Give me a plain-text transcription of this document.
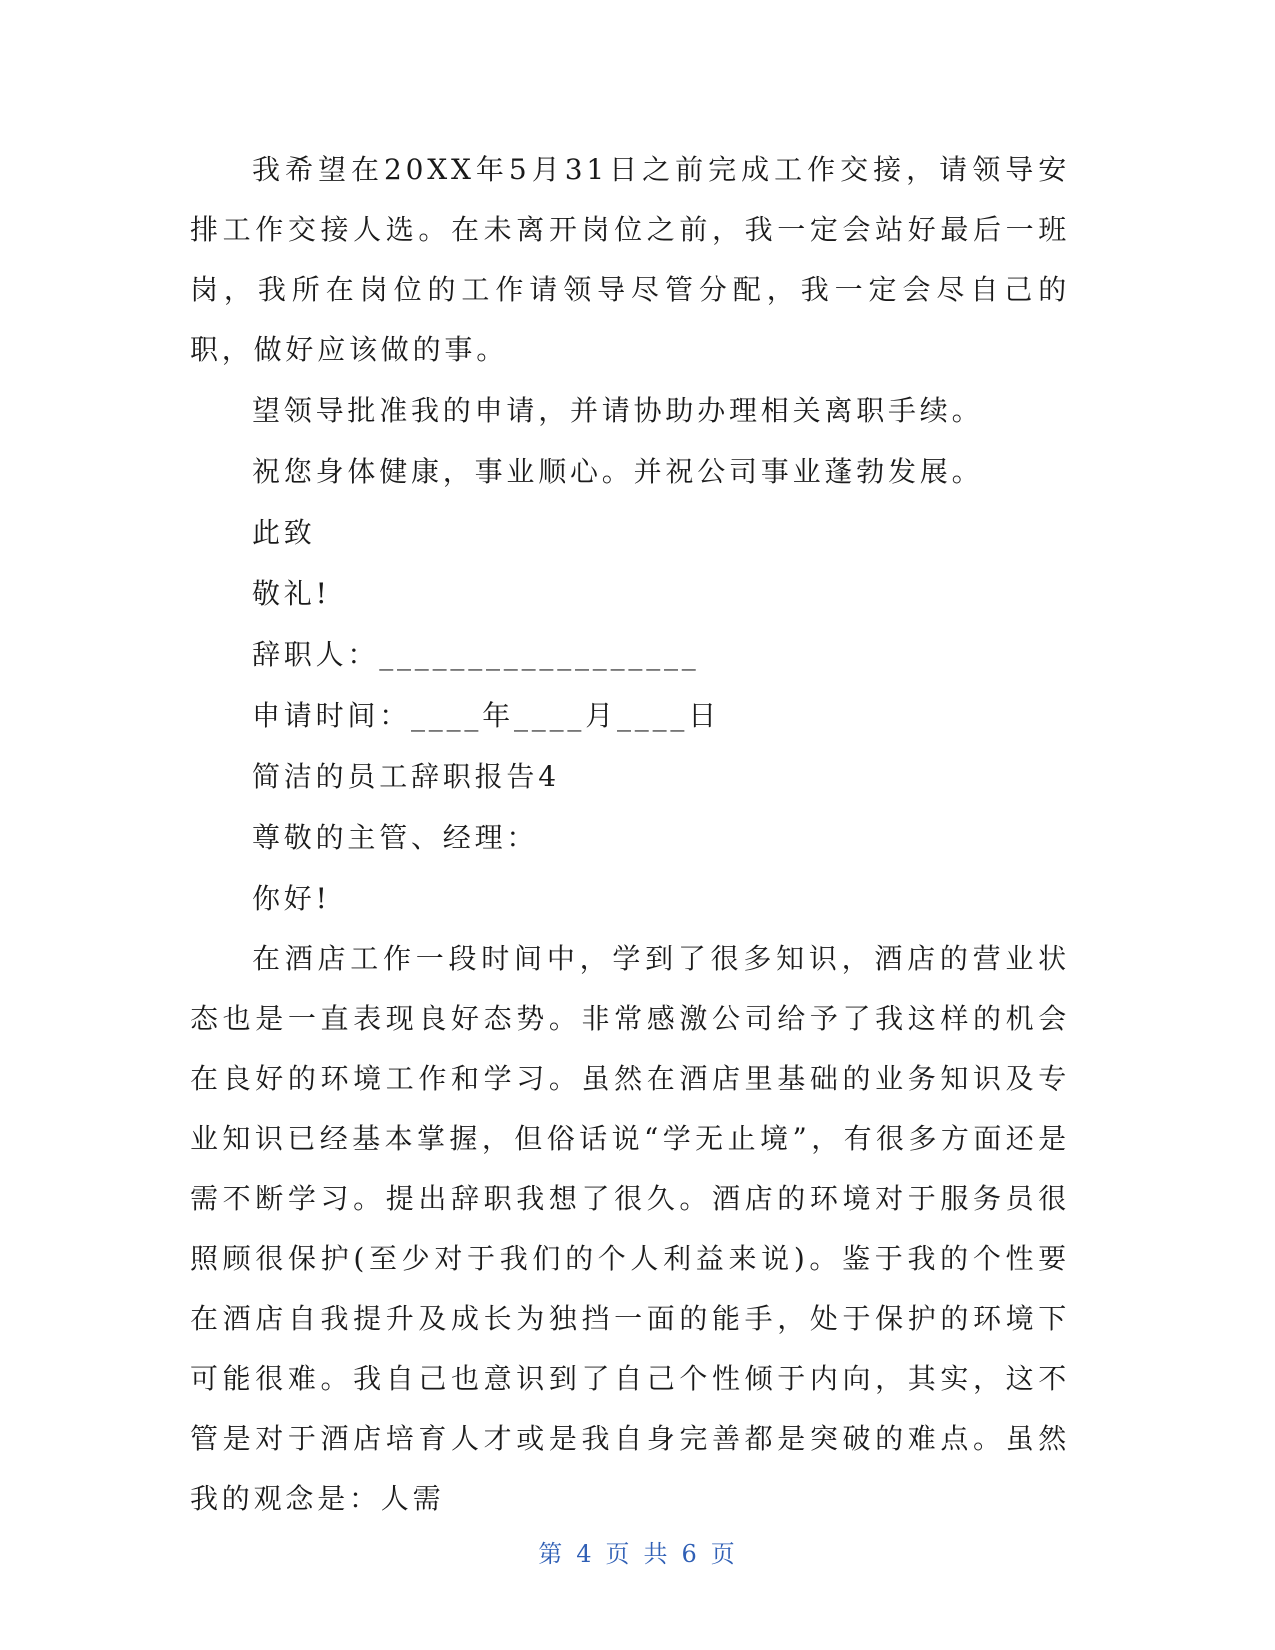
我希望在20XX年5月31日之前完成工作交接，请领导安排工作交接人选。在未离开岗位之前，我一定会站好最后一班岗，我所在岗位的工作请领导尽管分配，我一定会尽自己的职，做好应该做的事。

望领导批准我的申请，并请协助办理相关离职手续。

祝您身体健康，事业顺心。并祝公司事业蓬勃发展。

此致

敬礼!

辞职人：__________________

申请时间：____年____月____日

简洁的员工辞职报告4

尊敬的主管、经理：

你好!

在酒店工作一段时间中，学到了很多知识，酒店的营业状态也是一直表现良好态势。非常感激公司给予了我这样的机会在良好的环境工作和学习。虽然在酒店里基础的业务知识及专业知识已经基本掌握，但俗话说“学无止境”，有很多方面还是需不断学习。提出辞职我想了很久。酒店的环境对于服务员很照顾很保护(至少对于我们的个人利益来说)。鉴于我的个性要在酒店自我提升及成长为独挡一面的能手，处于保护的环境下可能很难。我自己也意识到了自己个性倾于内向，其实，这不管是对于酒店培育人才或是我自身完善都是突破的难点。虽然我的观念是：人需

第 4 页 共 6 页
